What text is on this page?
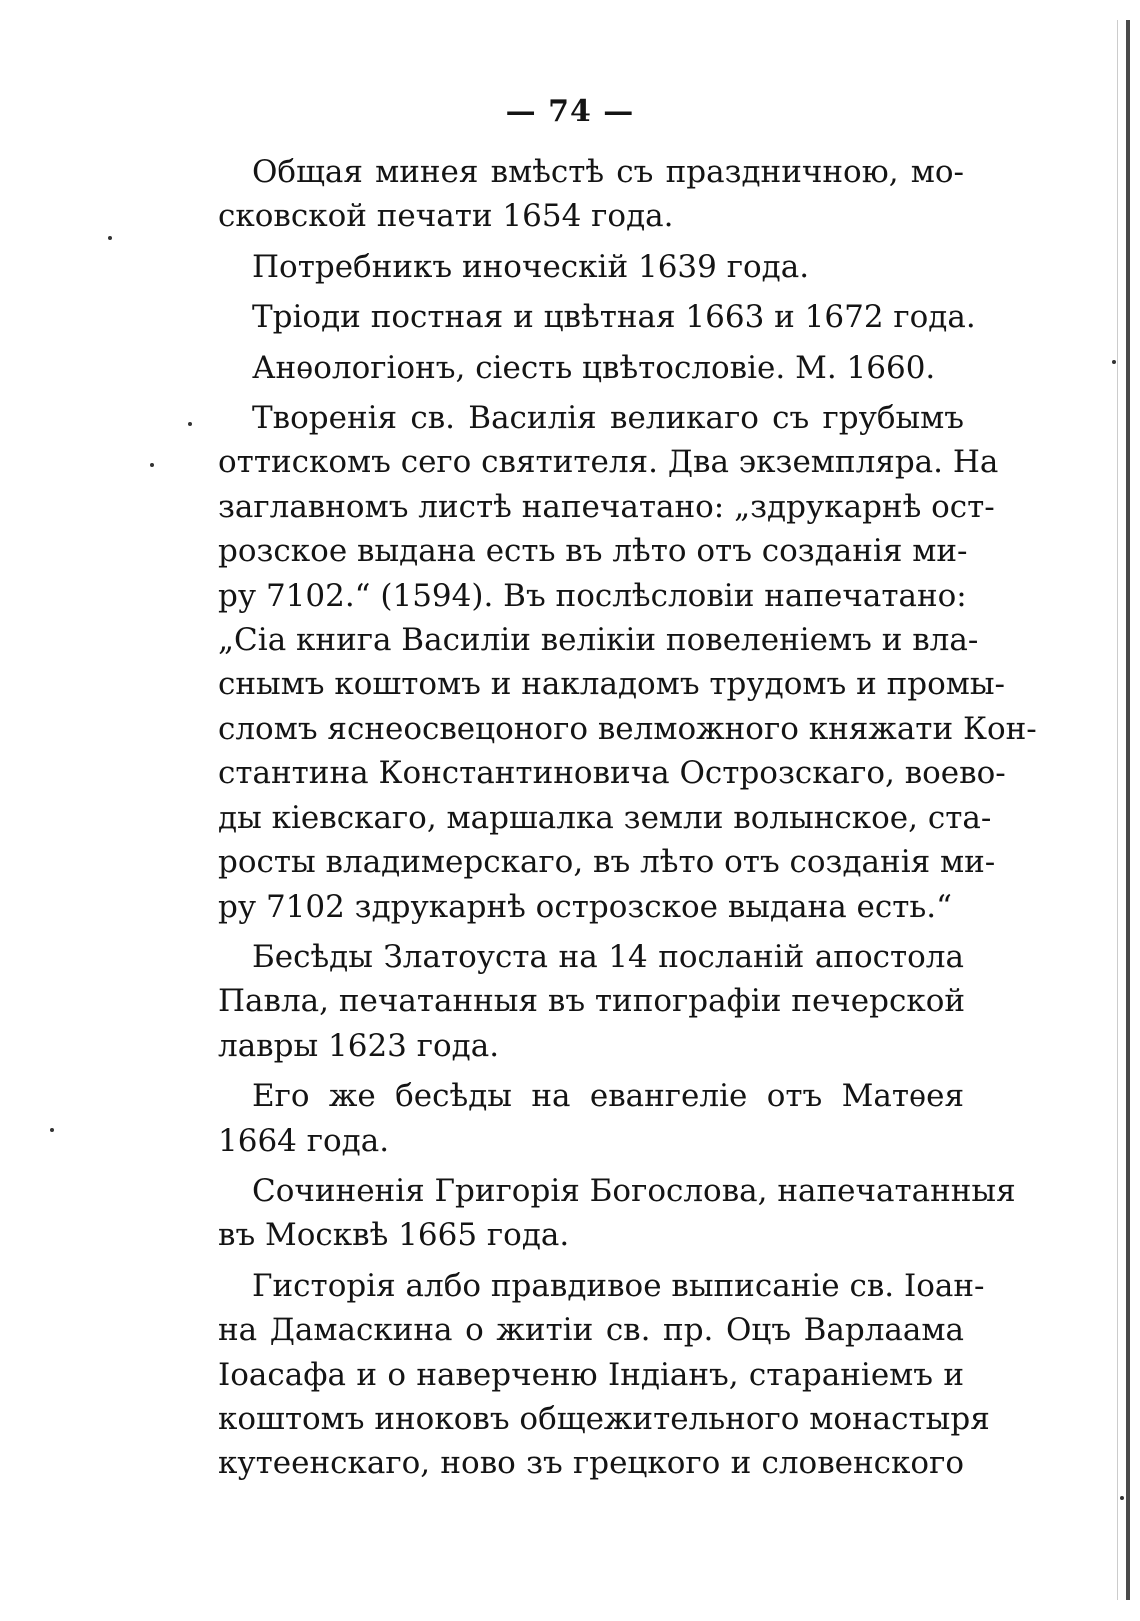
— 74 —
Общая минея вмѣстѣ съ праздничною, мо-
сковской печати 1654 года.
Потребникъ иноческій 1639 года.
Тріоди постная и цвѣтная 1663 и 1672 года.
Анѳологіонъ, сіесть цвѣтословіе. М. 1660.
Творенія св. Василія великаго съ грубымъ
оттискомъ сего святителя. Два экземпляра. На
заглавномъ листѣ напечатано: „здрукарнѣ ост-
розское выдана есть въ лѣто отъ созданія ми-
ру 7102.“ (1594). Въ послѣсловіи напечатано:
„Сіа книга Василіи велікіи повеленіемъ и вла-
снымъ коштомъ и накладомъ трудомъ и промы-
сломъ яснеосвецоного велможного княжати Кон-
стантина Константиновича Острозскаго, воево-
ды кіевскаго, маршалка земли волынское, ста-
росты владимерскаго, въ лѣто отъ созданія ми-
ру 7102 здрукарнѣ острозское выдана есть.“
Бесѣды Златоуста на 14 посланій апостола
Павла, печатанныя въ типографіи печерской
лавры 1623 года.
Его же бесѣды на евангеліе отъ Матѳея
1664 года.
Сочиненія Григорія Богослова, напечатанныя
въ Москвѣ 1665 года.
Гисторія албо правдивое выписаніе св. Іоан-
на Дамаскина о житіи св. пр. Оцъ Варлаама
Іоасафа и о наверченю Індіанъ, стараніемъ и
коштомъ иноковъ общежительного монастыря
кутеенскаго, ново зъ грецкого и словенского
